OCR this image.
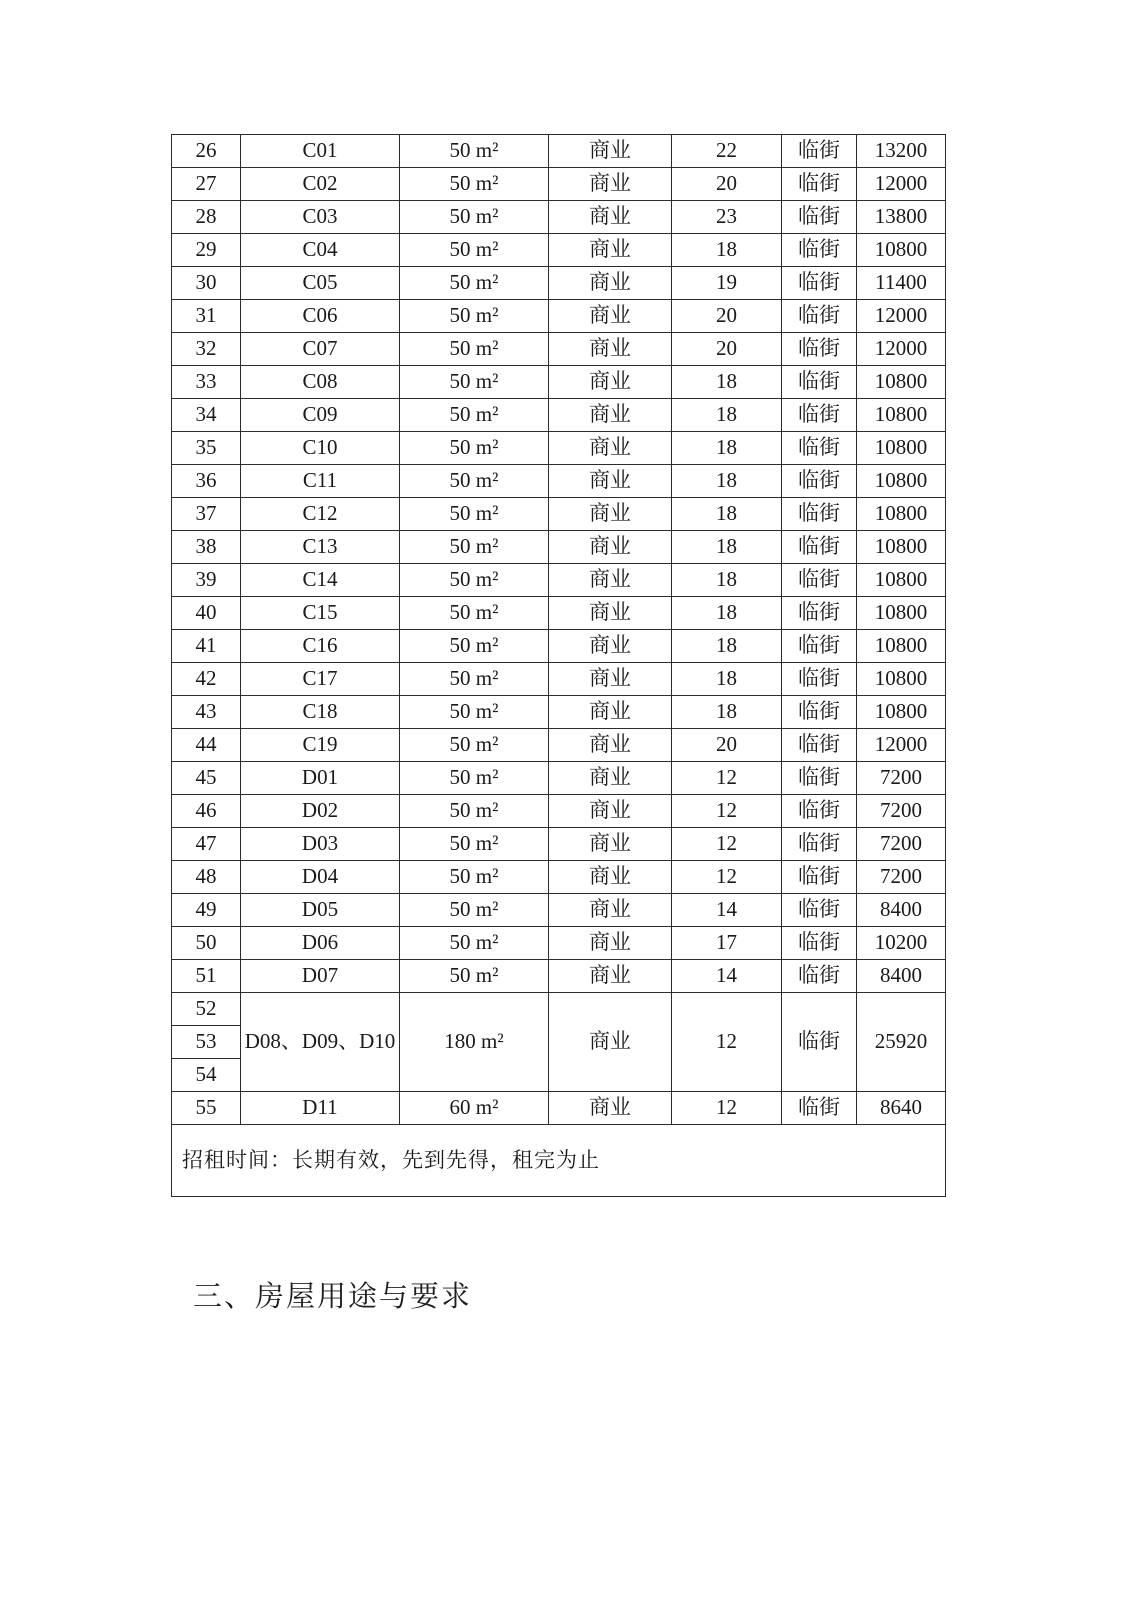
26	C01	50 m²	商业	22	临街	13200
27	C02	50 m²	商业	20	临街	12000
28	C03	50 m²	商业	23	临街	13800
29	C04	50 m²	商业	18	临街	10800
30	C05	50 m²	商业	19	临街	11400
31	C06	50 m²	商业	20	临街	12000
32	C07	50 m²	商业	20	临街	12000
33	C08	50 m²	商业	18	临街	10800
34	C09	50 m²	商业	18	临街	10800
35	C10	50 m²	商业	18	临街	10800
36	C11	50 m²	商业	18	临街	10800
37	C12	50 m²	商业	18	临街	10800
38	C13	50 m²	商业	18	临街	10800
39	C14	50 m²	商业	18	临街	10800
40	C15	50 m²	商业	18	临街	10800
41	C16	50 m²	商业	18	临街	10800
42	C17	50 m²	商业	18	临街	10800
43	C18	50 m²	商业	18	临街	10800
44	C19	50 m²	商业	20	临街	12000
45	D01	50 m²	商业	12	临街	7200
46	D02	50 m²	商业	12	临街	7200
47	D03	50 m²	商业	12	临街	7200
48	D04	50 m²	商业	12	临街	7200
49	D05	50 m²	商业	14	临街	8400
50	D06	50 m²	商业	17	临街	10200
51	D07	50 m²	商业	14	临街	8400
52	D08、D09、D10	180 m²	商业	12	临街	25920
53						
54						
55	D11	60 m²	商业	12	临街	8640
招租时间：长期有效，先到先得，租完为止						
三、房屋用途与要求
